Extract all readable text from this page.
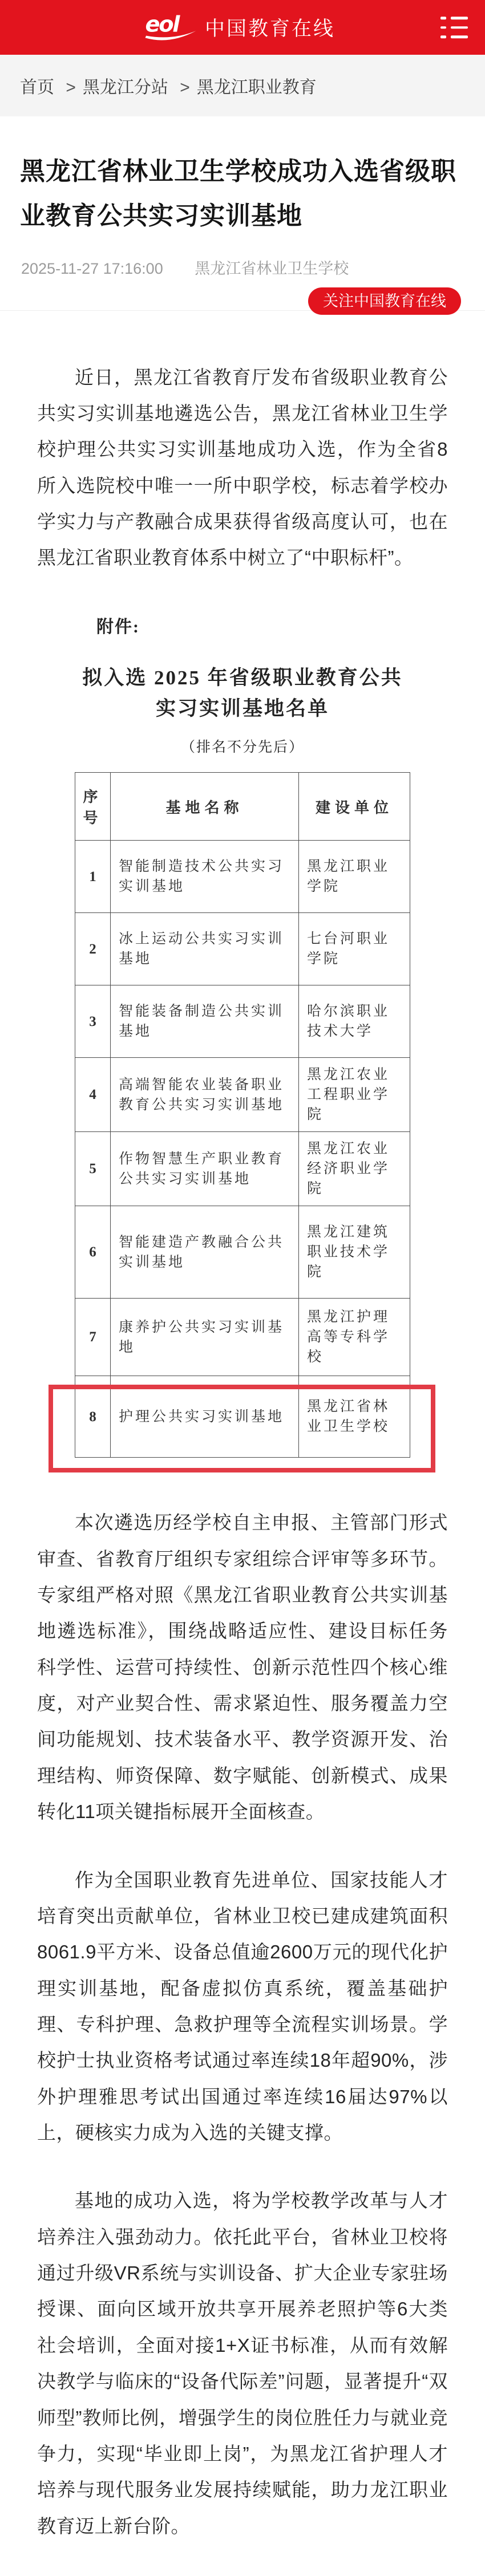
eol 中国教育在线
首页 > 黑龙江分站 > 黑龙江职业教育
黑龙江省林业卫生学校成功入选省级职业教育公共实习实训基地
2025-11-27 17:16:00 黑龙江省林业卫生学校
关注中国教育在线

近日，黑龙江省教育厅发布省级职业教育公共实习实训基地遴选公告，黑龙江省林业卫生学校护理公共实习实训基地成功入选，作为全省8所入选院校中唯一一所中职学校，标志着学校办学实力与产教融合成果获得省级高度认可，也在黑龙江省职业教育体系中树立了“中职标杆”。

附件:
拟入选 2025 年省级职业教育公共
实习实训基地名单
（排名不分先后）
序号	基地名称	建设单位
1	智能制造技术公共实习实训基地	黑龙江职业学院
2	冰上运动公共实习实训基地	七台河职业学院
3	智能装备制造公共实训基地	哈尔滨职业技术大学
4	高端智能农业装备职业教育公共实习实训基地	黑龙江农业工程职业学院
5	作物智慧生产职业教育公共实习实训基地	黑龙江农业经济职业学院
6	智能建造产教融合公共实训基地	黑龙江建筑职业技术学院
7	康养护公共实习实训基地	黑龙江护理高等专科学校
8	护理公共实习实训基地	黑龙江省林业卫生学校

本次遴选历经学校自主申报、主管部门形式审查、省教育厅组织专家组综合评审等多环节。专家组严格对照《黑龙江省职业教育公共实训基地遴选标准》，围绕战略适应性、建设目标任务科学性、运营可持续性、创新示范性四个核心维度，对产业契合性、需求紧迫性、服务覆盖力空间功能规划、技术装备水平、教学资源开发、治理结构、师资保障、数字赋能、创新模式、成果转化11项关键指标展开全面核查。

作为全国职业教育先进单位、国家技能人才培育突出贡献单位，省林业卫校已建成建筑面积8061.9平方米、设备总值逾2600万元的现代化护理实训基地，配备虚拟仿真系统，覆盖基础护理、专科护理、急救护理等全流程实训场景。学校护士执业资格考试通过率连续18年超90%，涉外护理雅思考试出国通过率连续16届达97%以上，硬核实力成为入选的关键支撑。

基地的成功入选，将为学校教学改革与人才培养注入强劲动力。依托此平台，省林业卫校将通过升级VR系统与实训设备、扩大企业专家驻场授课、面向区域开放共享开展养老照护等6大类社会培训，全面对接1+X证书标准，从而有效解决教学与临床的“设备代际差”问题，显著提升“双师型”教师比例，增强学生的岗位胜任力与就业竞争力，实现“毕业即上岗”，为黑龙江省护理人才培养与现代服务业发展持续赋能，助力龙江职业教育迈上新台阶。
